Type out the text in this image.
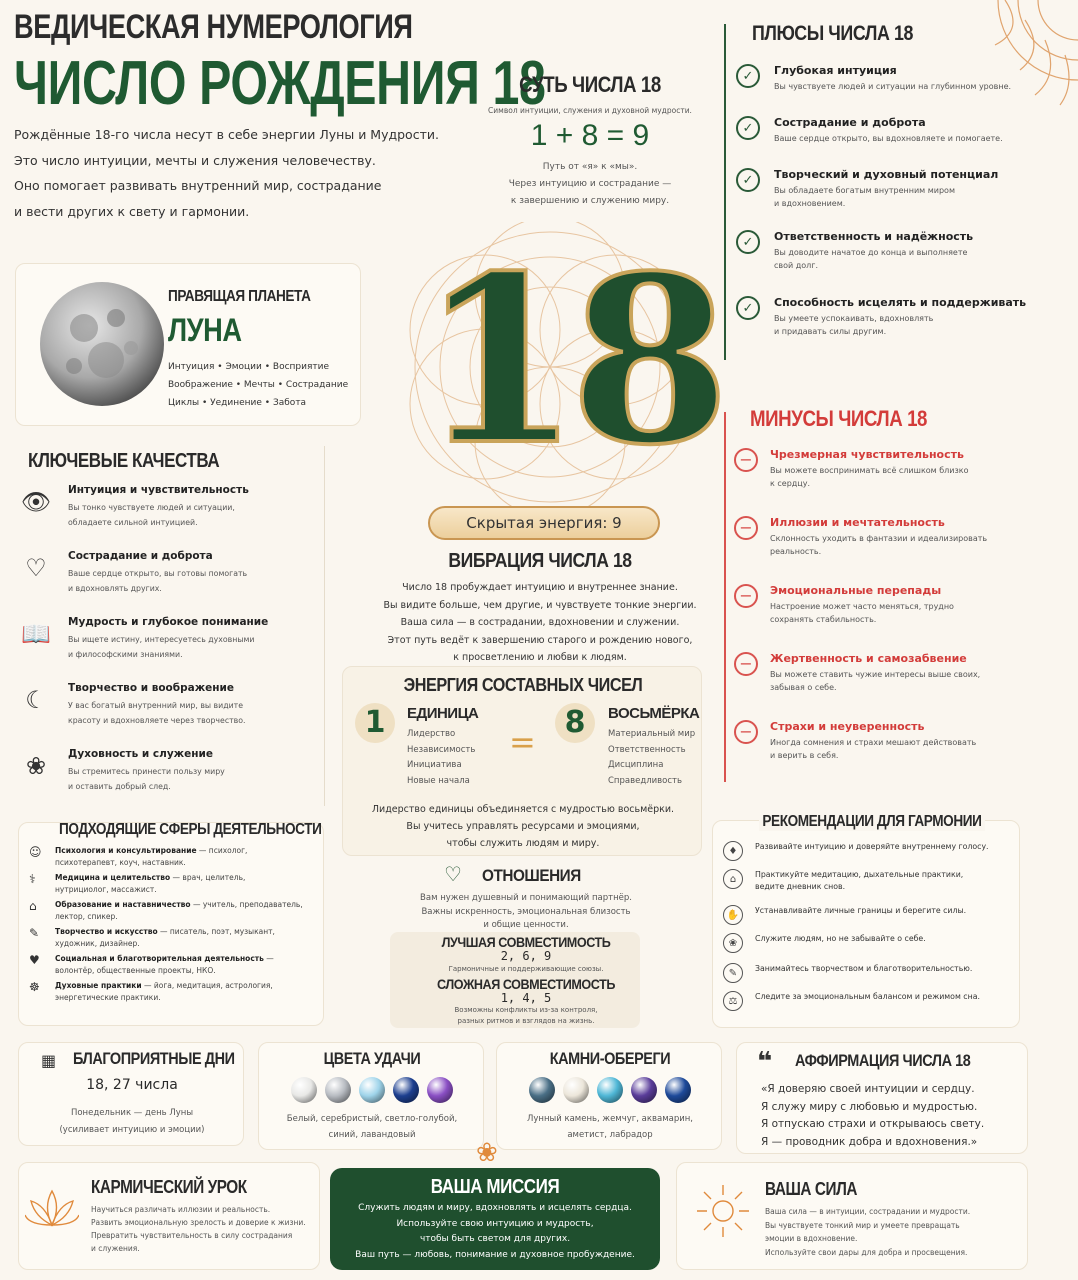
ВЕДИЧЕСКАЯ НУМЕРОЛОГИЯ
ЧИСЛО РОЖДЕНИЯ 18
Рождённые 18-го числа несут в себе энергии Луны и Мудрости.
Это число интуиции, мечты и служения человечеству.
Оно помогает развивать внутренний мир, сострадание
и вести других к свету и гармонии.
СУТЬ ЧИСЛА 18
Символ интуиции, служения и духовной мудрости.
1 + 8 = 9
Путь от «я» к «мы».
Через интуицию и сострадание —
к завершению и служению миру.
ПРАВЯЩАЯ ПЛАНЕТА
ЛУНА
Интуиция • Эмоции • Восприятие
Воображение • Мечты • Сострадание
Циклы • Уединение • Забота 18
Скрытая энергия: 9
ВИБРАЦИЯ ЧИСЛА 18
Число 18 пробуждает интуицию и внутреннее знание.
Вы видите больше, чем другие, и чувствуете тонкие энергии.
Ваша сила — в сострадании, вдохновении и служении.
Этот путь ведёт к завершению старого и рождению нового,
к просветлению и любви к людям.
ПЛЮСЫ ЧИСЛА 18
✓	Глубокая интуиция
Вы чувствуете людей и ситуации на глубинном уровне.
✓	Сострадание и доброта
Ваше сердце открыто, вы вдохновляете и помогаете.
✓	Творческий и духовный потенциал
Вы обладаете богатым внутренним миром
и вдохновением.
✓	Ответственность и надёжность
Вы доводите начатое до конца и выполняете
свой долг.
✓	Способность исцелять и поддерживать
Вы умеете успокаивать, вдохновлять
и придавать силы другим.
МИНУСЫ ЧИСЛА 18
−	Чрезмерная чувствительность
Вы можете воспринимать всё слишком близко
к сердцу.
−	Иллюзии и мечтательность
Склонность уходить в фантазии и идеализировать
реальность.
−	Эмоциональные перепады
Настроение может часто меняться, трудно
сохранять стабильность.
−	Жертвенность и самозабвение
Вы можете ставить чужие интересы выше своих,
забывая о себе.
−	Страхи и неуверенность
Иногда сомнения и страхи мешают действовать
и верить в себя.
КЛЮЧЕВЫЕ КАЧЕСТВА
👁 Интуиция и чувствительность
Вы тонко чувствуете людей и ситуации,
обладаете сильной интуицией.
♡	Сострадание и доброта
Ваше сердце открыто, вы готовы помогать
и вдохновлять других.
📖 Мудрость и глубокое понимание
Вы ищете истину, интересуетесь духовными
и философскими знаниями.
☾	Творчество и воображение
У вас богатый внутренний мир, вы видите
красоту и вдохновляете через творчество.
❀	Духовность и служение
Вы стремитесь принести пользу миру
и оставить добрый след.
ЭНЕРГИЯ СОСТАВНЫХ ЧИСЕЛ
1	ЕДИНИЦА
Лидерство
Независимость
Инициатива
Новые начала
=
8	ВОСЬМЁРКА
Материальный мир
Ответственность
Дисциплина
Справедливость
Лидерство единицы объединяется с мудростью восьмёрки.
Вы учитесь управлять ресурсами и эмоциями,
чтобы служить людям и миру.
ПОДХОДЯЩИЕ СФЕРЫ ДЕЯТЕЛЬНОСТИ
☺	Психология и консультирование — психолог,
психотерапевт, коуч, наставник.
⚕	Медицина и целительство — врач, целитель,
нутрициолог, массажист.
⌂	Образование и наставничество — учитель, преподаватель,
лектор, спикер.
✎	Творчество и искусство — писатель, поэт, музыкант,
художник, дизайнер.
♥	Социальная и благотворительная деятельность —
волонтёр, общественные проекты, НКО.
☸	Духовные практики — йога, медитация, астрология,
энергетические практики.
♡ ОТНОШЕНИЯ
Вам нужен душевный и понимающий партнёр.
Важны искренность, эмоциональная близость
и общие ценности.
ЛУЧШАЯ СОВМЕСТИМОСТЬ
2, 6, 9
Гармоничные и поддерживающие союзы.
СЛОЖНАЯ СОВМЕСТИМОСТЬ
1, 4, 5
Возможны конфликты из-за контроля,
разных ритмов и взглядов на жизнь.
РЕКОМЕНДАЦИИ ДЛЯ ГАРМОНИИ
♦	Развивайте интуицию и доверяйте внутреннему голосу.
⌂	Практикуйте медитацию, дыхательные практики,
ведите дневник снов.
✋	Устанавливайте личные границы и берегите силы.
❀	Служите людям, но не забывайте о себе.
✎	Занимайтесь творчеством и благотворительностью.
⚖	Следите за эмоциональным балансом и режимом сна.
▦ БЛАГОПРИЯТНЫЕ ДНИ
18, 27 числа
Понедельник — день Луны
(усиливает интуицию и эмоции)
ЦВЕТА УДАЧИ
Белый, серебристый, светло-голубой,
синий, лавандовый
КАМНИ-ОБЕРЕГИ
Лунный камень, жемчуг, аквамарин,
аметист, лабрадор
❝ АФФИРМАЦИЯ ЧИСЛА 18
«Я доверяю своей интуиции и сердцу.
Я служу миру с любовью и мудростью.
Я отпускаю страхи и открываюсь свету.
Я — проводник добра и вдохновения.»
КАРМИЧЕСКИЙ УРОК
Научиться различать иллюзии и реальность.
Развить эмоциональную зрелость и доверие к жизни.
Превратить чувствительность в силу сострадания
и служения.
❀
ВАША МИССИЯ
Служить людям и миру, вдохновлять и исцелять сердца.
Используйте свою интуицию и мудрость,
чтобы быть светом для других.
Ваш путь — любовь, понимание и духовное пробуждение.
ВАША СИЛА
Ваша сила — в интуиции, сострадании и мудрости.
Вы чувствуете тонкий мир и умеете превращать
эмоции в вдохновение.
Используйте свои дары для добра и просвещения.
